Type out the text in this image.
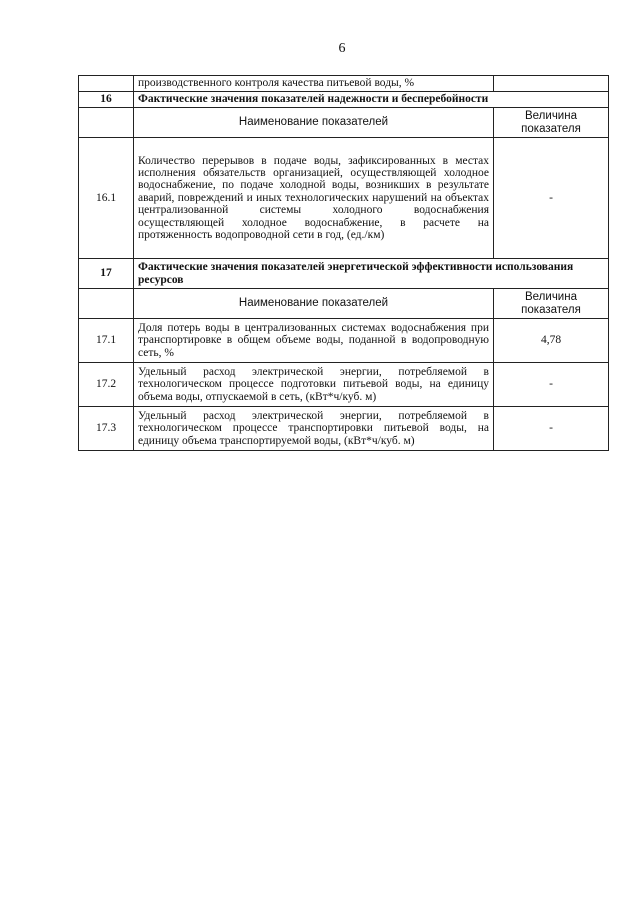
6
	производственного контроля качества питьевой воды, %	
16	Фактические значения показателей надежности и бесперебойности	
	Наименование показателей	Величина показателя
16.1	Количество перерывов в подаче воды, зафиксированных в местах исполнения обязательств организацией, осуществляющей холодное водоснабжение, по подаче холодной воды, возникших в результате аварий, повреждений и иных технологических нарушений на объектах централизованной системы холодного водоснабжения осуществляющей холодное водоснабжение, в расчете на протяженность водопроводной сети в год, (ед./км)	-
17	Фактические значения показателей энергетической эффективности использования ресурсов	
	Наименование показателей	Величина показателя
17.1	Доля потерь воды в централизованных системах водоснабжения при транспортировке в общем объеме воды, поданной в водопроводную сеть, %	4,78
17.2	Удельный расход электрической энергии, потребляемой в технологическом процессе подготовки питьевой воды, на единицу объема воды, отпускаемой в сеть, (кВт*ч/куб. м)	-
17.3	Удельный расход электрической энергии, потребляемой в технологическом процессе транспортировки питьевой воды, на единицу объема транспортируемой воды, (кВт*ч/куб. м)	-
